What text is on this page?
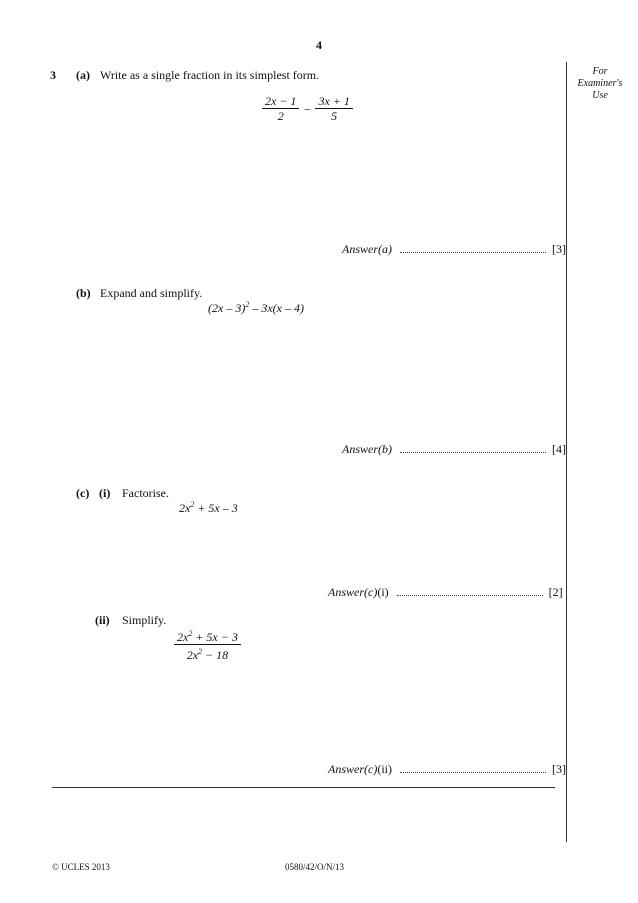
4
For
Examiner's
Use
3 (a) Write as a single fraction in its simplest form.
$\frac{2x - 1}{2} - \frac{3x + 1}{5}$
Answer(a)	[3]
(b) Expand and simplify.
(2x – 3)$^2$ – 3x(x – 4)
Answer(b)	[4]
(c) (i) Factorise.
$2x^2 + 5x - 3$
Answer(c)(i)	[2]
(ii) Simplify.
$\frac{2x^2 + 5x - 3}{2x^2 - 18}$
Answer(c)(ii)	[3]
© UCLES 2013	0580/42/O/N/13
